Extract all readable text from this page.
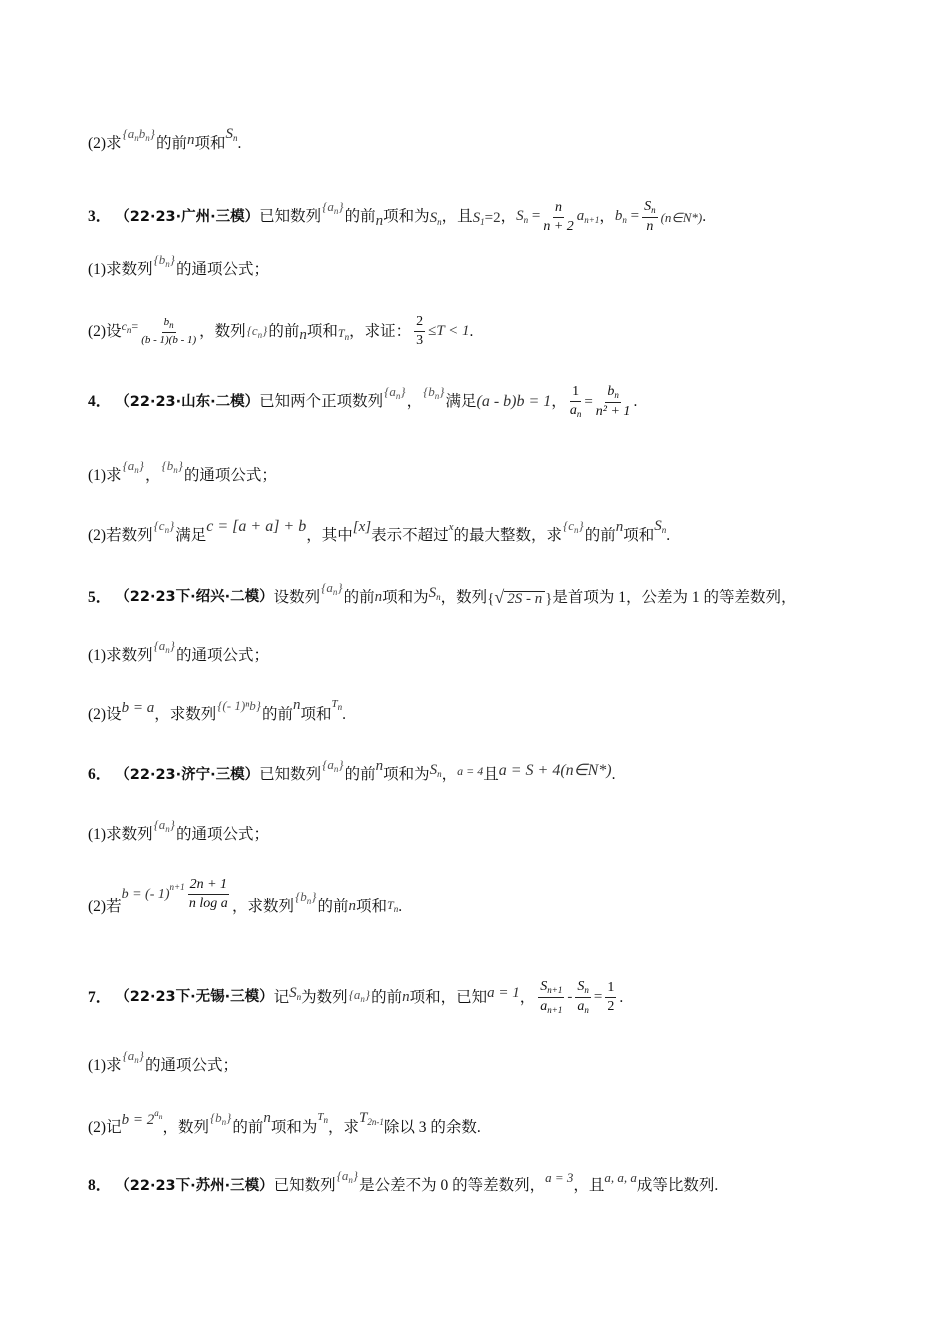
(2)求
$\{a_nb_n\}$
的前 n 项和
$S_n$ .
3． （22·23·广州·三模） 已知数列
$\{a_n\}$
的前 n 项和为 $S_n$ ，且 $S_1=2$ ， $S_n = \frac{n}{n + 2} a_{n+1}$ ， $b_n = \frac{S_n}{n}$ (n∈N*) .
(1)求数列
$\{b_n\}$
的通项公式；
(2)设 $c_n= \frac{b_n}{(b - 1)(b - 1)}$ ，数列 $\{c_n\}$ 的前 n 项和 $T_n$ ，求证： $\frac{2}{3} \le T < 1$ .
4． （22·23·山东·二模） 已知两个正项数列
$\{a_n\}$
，
$\{b_n\}$
满足 (a - b)b = 1 ， $\frac{1}{a_n} = \frac{b_n}{\text{n² + 1}}$ .
(1)求
$\{a_n\}$
，
$\{b_n\}$
的通项公式；
(2)若数列
$\{c_n\}$
满足
c = [a + a] + b
，其中
[x]
表示不超过
x
的最大整数，求
$\{c_n\}$
的前
n
项和
$S_n$ .
5． （22·23下·绍兴·二模） 设数列
$\{a_n\}$
的前 n 项和为 $S_n$ ，数列 {√ 2S - n } 是首项为 1，公差为 1 的等差数列，
(1)求数列
$\{a_n\}$
的通项公式；
(2)设 b = a ，求数列
{(- 1)ⁿb}
的前
n
项和
$T_n$ .
6． （22·23·济宁·三模） 已知数列
$\{a_n\}$
的前
n
项和为 $S_n$ ， a = 4 且 a = S + 4(n∈N*) .
(1)求数列
$\{a_n\}$
的通项公式；
(2)若
b = (- $1)^{n+1} \frac{2n + 1}{\text{n log a}}$ ，求数列
$\{b_n\}$
的前 n 项和 $T_n$ .
7． （22·23下·无锡·三模） 记 $S_n$ 为数列 $\{a_n\}$ 的前 n 项和，已知 a = 1 ， $\frac{S_{n+1}}{a_{n+1}} - \frac{S_n}{a_n} = \frac{1}{2}$ .
(1)求
$\{a_n\}$
的通项公式；
(2)记 $b = 2^{a_n}$
，数列
$\{b_n\}$
的前
n
项和为
$T_n$ ，求
$T_{2n-1}$ 除以 3 的余数.
8． （22·23下·苏州·三模） 已知数列
$\{a_n\}$
是公差不为 0 的等差数列，
a = 3
，且
a, a, a
成等比数列.
